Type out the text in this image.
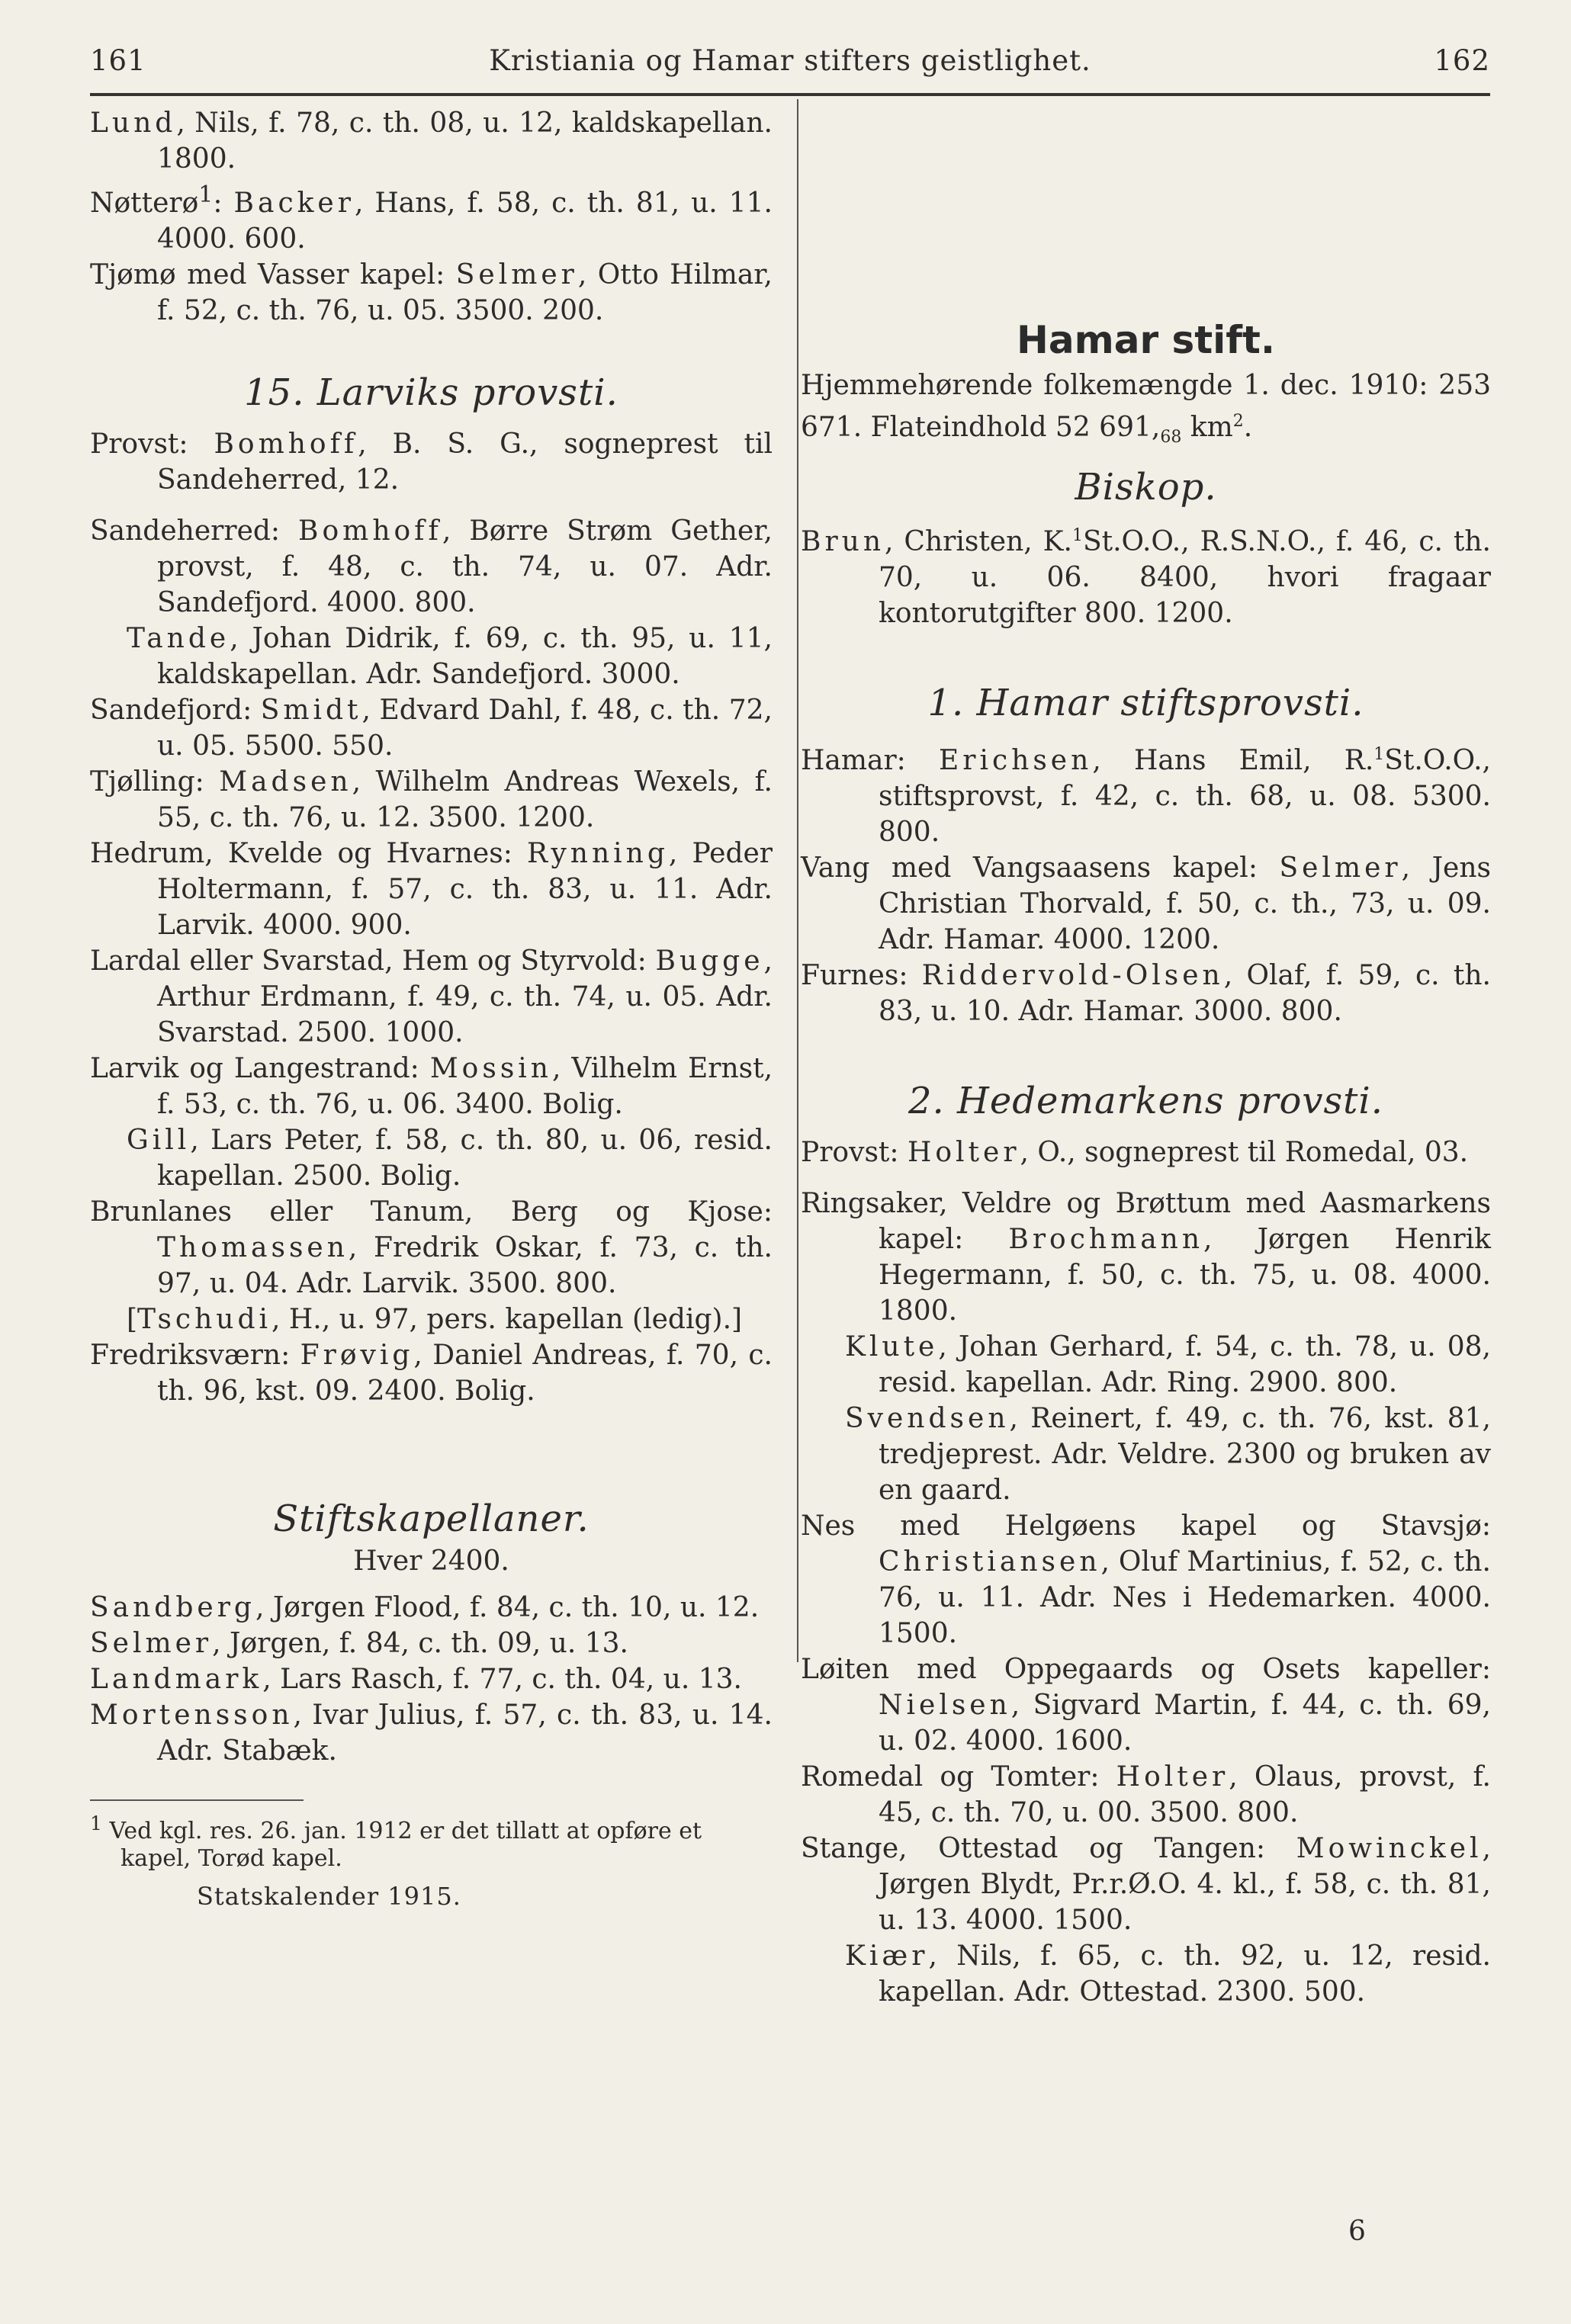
161	Kristiania og Hamar stifters geistlighet.	162
Lund, Nils, f. 78, c. th. 08, u. 12, kaldskapellan. 1800.
Nøtterø$^1$: Backer, Hans, f. 58, c. th. 81, u. 11. 4000. 600.
Tjømø med Vasser kapel: Selmer, Otto Hilmar, f. 52, c. th. 76, u. 05. 3500. 200.
15. Larviks provsti.
Provst: Bomhoff, B. S. G., sogneprest til Sandeherred, 12.
Sandeherred: Bomhoff, Børre Strøm Gether, provst, f. 48, c. th. 74, u. 07. Adr. Sandefjord. 4000. 800.
Tande, Johan Didrik, f. 69, c. th. 95, u. 11, kaldskapellan. Adr. Sandefjord. 3000.
Sandefjord: Smidt, Edvard Dahl, f. 48, c. th. 72, u. 05. 5500. 550.
Tjølling: Madsen, Wilhelm Andreas Wexels, f. 55, c. th. 76, u. 12. 3500. 1200.
Hedrum, Kvelde og Hvarnes: Rynning, Peder Holtermann, f. 57, c. th. 83, u. 11. Adr. Larvik. 4000. 900.
Lardal eller Svarstad, Hem og Styrvold: Bugge, Arthur Erdmann, f. 49, c. th. 74, u. 05. Adr. Svarstad. 2500. 1000.
Larvik og Langestrand: Mossin, Vilhelm Ernst, f. 53, c. th. 76, u. 06. 3400. Bolig.
Gill, Lars Peter, f. 58, c. th. 80, u. 06, resid. kapellan. 2500. Bolig.
Brunlanes eller Tanum, Berg og Kjose: Thomassen, Fredrik Oskar, f. 73, c. th. 97, u. 04. Adr. Larvik. 3500. 800.
[Tschudi, H., u. 97, pers. kapellan (ledig).]
Fredriksværn: Frøvig, Daniel Andreas, f. 70, c. th. 96, kst. 09. 2400. Bolig.
Stiftskapellaner.
Hver 2400.
Sandberg, Jørgen Flood, f. 84, c. th. 10, u. 12.
Selmer, Jørgen, f. 84, c. th. 09, u. 13.
Landmark, Lars Rasch, f. 77, c. th. 04, u. 13.
Mortensson, Ivar Julius, f. 57, c. th. 83, u. 14. Adr. Stabæk.
$^1$ Ved kgl. res. 26. jan. 1912 er det tillatt at opføre et kapel, Torød kapel.
Statskalender 1915.
Hamar stift.
Hjemmehørende folkemængde 1. dec. 1910: 253 671. Flateindhold 52 $691,_{68}$ $km^2$.
Biskop.
Brun, Christen, K.$^1$St.O.O., R.S.N.O., f. 46, c. th. 70, u. 06. 8400, hvori fragaar kontorutgifter 800. 1200.
1. Hamar stiftsprovsti.
Hamar: Erichsen, Hans Emil, R.$^1$St.O.O., stiftsprovst, f. 42, c. th. 68, u. 08. 5300. 800.
Vang med Vangsaasens kapel: Selmer, Jens Christian Thorvald, f. 50, c. th., 73, u. 09. Adr. Hamar. 4000. 1200.
Furnes: Riddervold-Olsen, Olaf, f. 59, c. th. 83, u. 10. Adr. Hamar. 3000. 800.
2. Hedemarkens provsti.
Provst: Holter, O., sogneprest til Romedal, 03.
Ringsaker, Veldre og Brøttum med Aasmarkens kapel: Brochmann, Jørgen Henrik Hegermann, f. 50, c. th. 75, u. 08. 4000. 1800.
Klute, Johan Gerhard, f. 54, c. th. 78, u. 08, resid. kapellan. Adr. Ring. 2900. 800.
Svendsen, Reinert, f. 49, c. th. 76, kst. 81, tredjeprest. Adr. Veldre. 2300 og bruken av en gaard.
Nes med Helgøens kapel og Stavsjø: Christiansen, Oluf Martinius, f. 52, c. th. 76, u. 11. Adr. Nes i Hedemarken. 4000. 1500.
Løiten med Oppegaards og Osets kapeller: Nielsen, Sigvard Martin, f. 44, c. th. 69, u. 02. 4000. 1600.
Romedal og Tomter: Holter, Olaus, provst, f. 45, c. th. 70, u. 00. 3500. 800.
Stange, Ottestad og Tangen: Mowinckel, Jørgen Blydt, Pr.r.Ø.O. 4. kl., f. 58, c. th. 81, u. 13. 4000. 1500.
Kiær, Nils, f. 65, c. th. 92, u. 12, resid. kapellan. Adr. Ottestad. 2300. 500.
6
